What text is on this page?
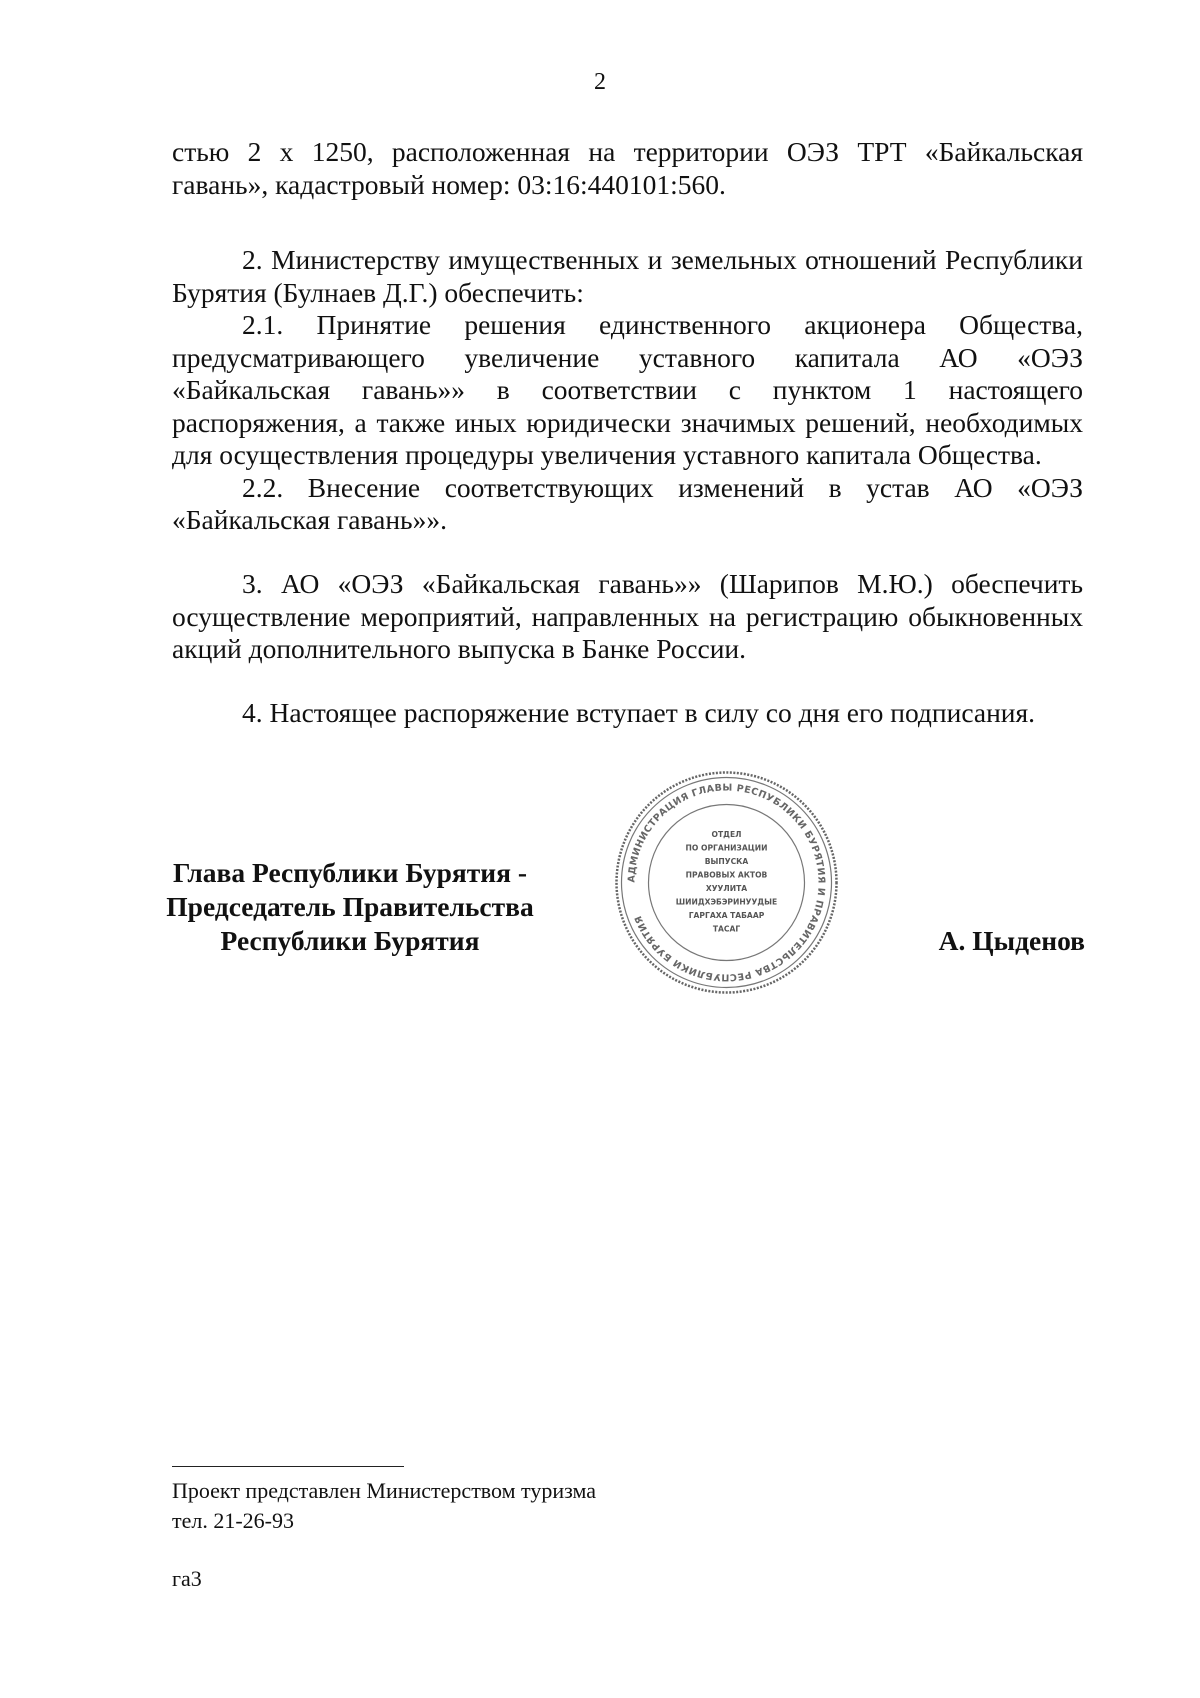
2

стью 2 x 1250, расположенная на территории ОЭЗ ТРТ «Байкальская гавань», кадастровый номер: 03:16:440101:560.

2. Министерству имущественных и земельных отношений Республики Бурятия (Булнаев Д.Г.) обеспечить:

2.1. Принятие решения единственного акционера Общества, предусматривающего увеличение уставного капитала АО «ОЭЗ «Байкальская гавань»» в соответствии с пунктом 1 настоящего распоряжения, а также иных юридически значимых решений, необходимых для осуществления процедуры увеличения уставного капитала Общества.

2.2. Внесение соответствующих изменений в устав АО «ОЭЗ «Байкальская гавань»».

3. АО «ОЭЗ «Байкальская гавань»» (Шарипов М.Ю.) обеспечить осуществление мероприятий, направленных на регистрацию обыкновенных акций дополнительного выпуска в Банке России.

4. Настоящее распоряжение вступает в силу со дня его подписания.

Глава Республики Бурятия -
Председатель Правительства
Республики Бурятия
АДМИНИСТРАЦИЯ ГЛАВЫ РЕСПУБЛИКИ БУРЯТИЯ И ПРАВИТЕЛЬСТВА РЕСПУБЛИКИ БУРЯТИЯ
ОТДЕЛ
ПО ОРГАНИЗАЦИИ
ВЫПУСКА
ПРАВОВЫХ АКТОВ
ХУУЛИТА
ШИИДХЭБЭРИНУУДЫЕ
ГАРГАХА ТАБААР
ТАСАГ	А. Цыденов
Проект представлен Министерством туризма
тел. 21-26-93
га3
